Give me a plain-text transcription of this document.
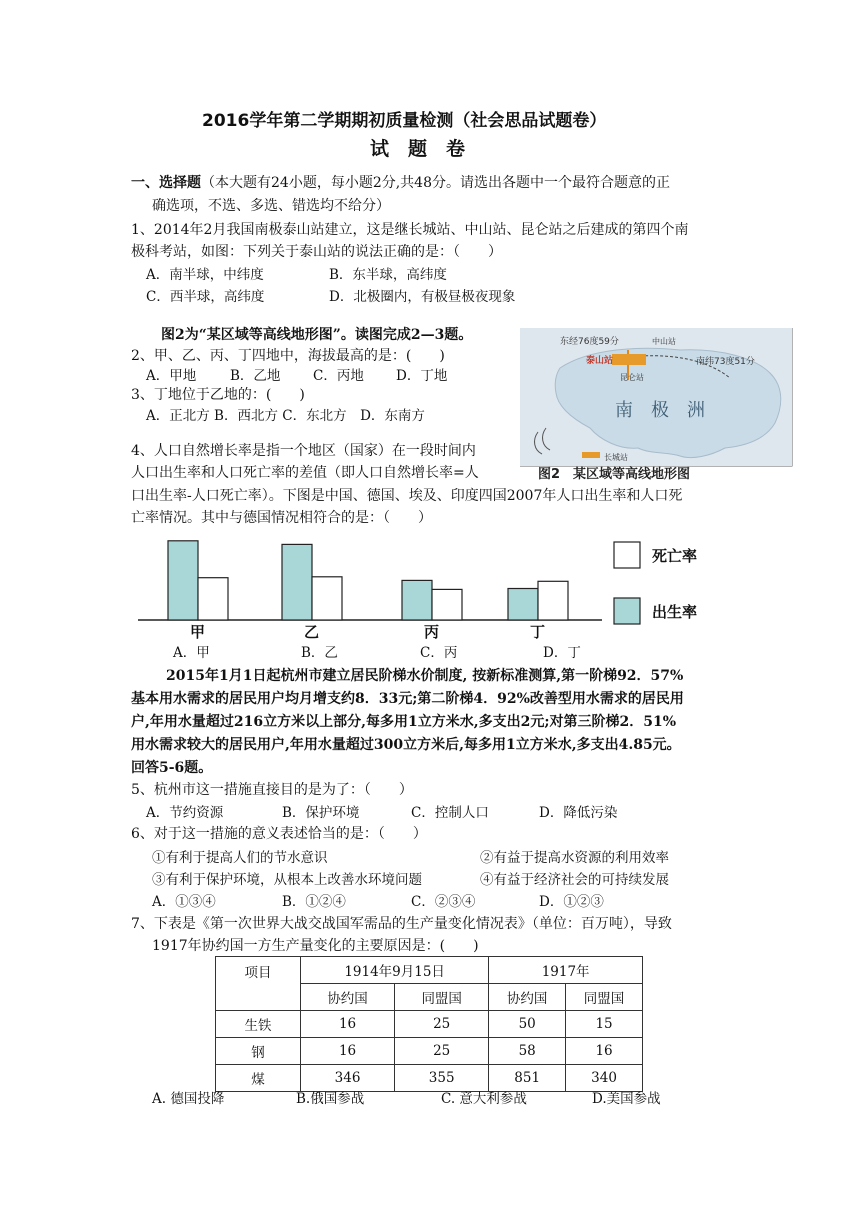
2016学年第二学期期初质量检测（社会思品试题卷）
试　题　卷
一、选择题（本大题有24小题，每小题2分,共48分。请选出各题中一个最符合题意的正
确选项，不选、多选、错选均不给分）
1、2014年2月我国南极泰山站建立，这是继长城站、中山站、昆仑站之后建成的第四个南
极科考站，如图：下列关于泰山站的说法正确的是：（　　）
A．南半球，中纬度	B．东半球，高纬度
C．西半球，高纬度	D．北极圈内，有极昼极夜现象
图2为“某区域等高线地形图”。读图完成2—3题。
2、甲、乙、丙、丁四地中，海拔最高的是：(　　)
A．甲地	B．乙地 C．丙地 D．丁地
3、丁地位于乙地的：(　　)
A．正北方 B．西北方 C．东北方　D．东南方
东经76度59分	中山站
泰山站
昆仑站
南纬73度51分
南　极　洲
长城站
图2　某区域等高线地形图
4、人口自然增长率是指一个地区（国家）在一段时间内
人口出生率和人口死亡率的差值（即人口自然增长率=人
口出生率-人口死亡率）。下图是中国、德国、埃及、印度四国2007年人口出生率和人口死
亡率情况。其中与德国情况相符合的是：（　　）
甲	乙	丙	丁
死亡率
出生率
A．甲	B．乙	C．丙	D．丁
2015年1月1日起杭州市建立居民阶梯水价制度, 按新标准测算,第一阶梯92．57%
基本用水需求的居民用户均月增支约8．33元;第二阶梯4．92%改善型用水需求的居民用
户,年用水量超过216立方米以上部分,每多用1立方米水,多支出2元;对第三阶梯2．51%
用水需求较大的居民用户,年用水量超过300立方米后,每多用1立方米水,多支出4.85元。
回答5-6题。
5、杭州市这一措施直接目的是为了：（　　）
A．节约资源	B．保护环境	C．控制人口	D．降低污染
6、对于这一措施的意义表述恰当的是：（　　）
①有利于提高人们的节水意识	②有益于提高水资源的利用效率
③有利于保护环境，从根本上改善水环境问题	④有益于经济社会的可持续发展
A．①③④	B．①②④	C．②③④	D．①②③
7、下表是《第一次世界大战交战国军需品的生产量变化情况表》（单位：百万吨），导致
1917年协约国一方生产量变化的主要原因是：(　　)
项目	1914年9月15日		1917年	
	协约国	同盟国	协约国	同盟国
生铁	16	25	50	15
钢	16	25	58	16
煤	346	355	851	340
A. 德国投降	B.俄国参战	C. 意大利参战	D.美国参战
